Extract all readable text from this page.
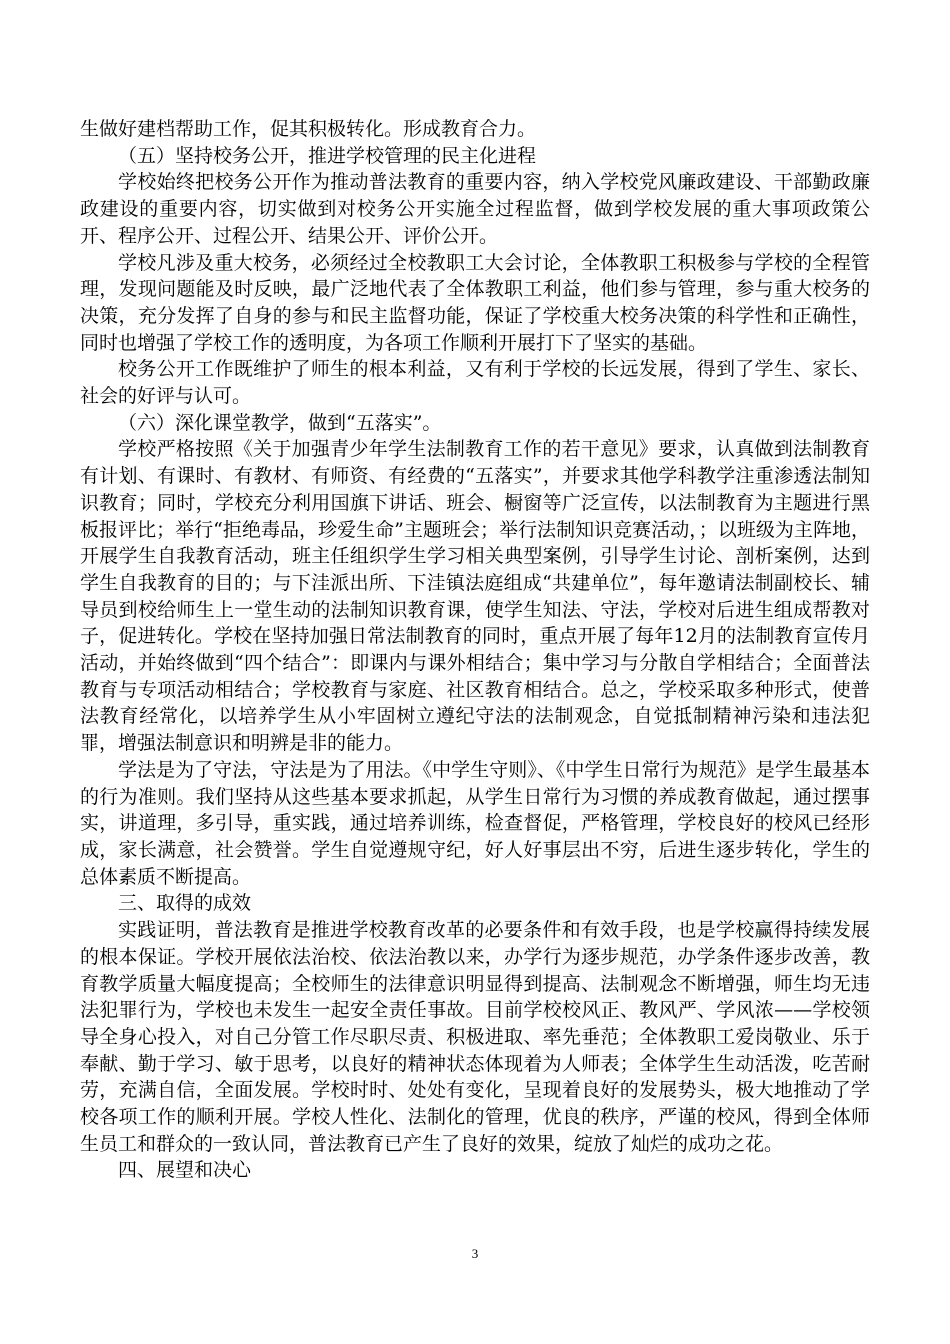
生做好建档帮助工作，促其积极转化。形成教育合力。

（五）坚持校务公开，推进学校管理的民主化进程

学校始终把校务公开作为推动普法教育的重要内容，纳入学校党风廉政建设、干部勤政廉政建设的重要内容，切实做到对校务公开实施全过程监督，做到学校发展的重大事项政策公开、程序公开、过程公开、结果公开、评价公开。

学校凡涉及重大校务，必须经过全校教职工大会讨论，全体教职工积极参与学校的全程管理，发现问题能及时反映，最广泛地代表了全体教职工利益，他们参与管理，参与重大校务的决策，充分发挥了自身的参与和民主监督功能，保证了学校重大校务决策的科学性和正确性，同时也增强了学校工作的透明度，为各项工作顺利开展打下了坚实的基础。

校务公开工作既维护了师生的根本利益，又有利于学校的长远发展，得到了学生、家长、社会的好评与认可。

（六）深化课堂教学，做到“五落实”。

学校严格按照《关于加强青少年学生法制教育工作的若干意见》要求，认真做到法制教育有计划、有课时、有教材、有师资、有经费的“五落实”，并要求其他学科教学注重渗透法制知识教育；同时，学校充分利用国旗下讲话、班会、橱窗等广泛宣传，以法制教育为主题进行黑板报评比；举行“拒绝毒品，珍爱生命”主题班会；举行法制知识竞赛活动，；以班级为主阵地，开展学生自我教育活动，班主任组织学生学习相关典型案例，引导学生讨论、剖析案例，达到学生自我教育的目的；与下洼派出所、下洼镇法庭组成“共建单位”，每年邀请法制副校长、辅导员到校给师生上一堂生动的法制知识教育课，使学生知法、守法，学校对后进生组成帮教对子，促进转化。学校在坚持加强日常法制教育的同时，重点开展了每年12月的法制教育宣传月活动，并始终做到“四个结合”：即课内与课外相结合；集中学习与分散自学相结合；全面普法教育与专项活动相结合；学校教育与家庭、社区教育相结合。总之，学校采取多种形式，使普法教育经常化，以培养学生从小牢固树立遵纪守法的法制观念，自觉抵制精神污染和违法犯罪，增强法制意识和明辨是非的能力。

学法是为了守法，守法是为了用法。《中学生守则》、《中学生日常行为规范》是学生最基本的行为准则。我们坚持从这些基本要求抓起，从学生日常行为习惯的养成教育做起，通过摆事实，讲道理，多引导，重实践，通过培养训练，检查督促，严格管理，学校良好的校风已经形成，家长满意，社会赞誉。学生自觉遵规守纪，好人好事层出不穷，后进生逐步转化，学生的总体素质不断提高。

三、取得的成效

实践证明，普法教育是推进学校教育改革的必要条件和有效手段，也是学校赢得持续发展的根本保证。学校开展依法治校、依法治教以来，办学行为逐步规范，办学条件逐步改善，教育教学质量大幅度提高；全校师生的法律意识明显得到提高、法制观念不断增强，师生均无违法犯罪行为，学校也未发生一起安全责任事故。目前学校校风正、教风严、学风浓——学校领导全身心投入，对自己分管工作尽职尽责、积极进取、率先垂范；全体教职工爱岗敬业、乐于奉献、勤于学习、敏于思考，以良好的精神状态体现着为人师表；全体学生生动活泼，吃苦耐劳，充满自信，全面发展。学校时时、处处有变化，呈现着良好的发展势头，极大地推动了学校各项工作的顺利开展。学校人性化、法制化的管理，优良的秩序，严谨的校风，得到全体师生员工和群众的一致认同，普法教育已产生了良好的效果，绽放了灿烂的成功之花。

四、展望和决心

3
